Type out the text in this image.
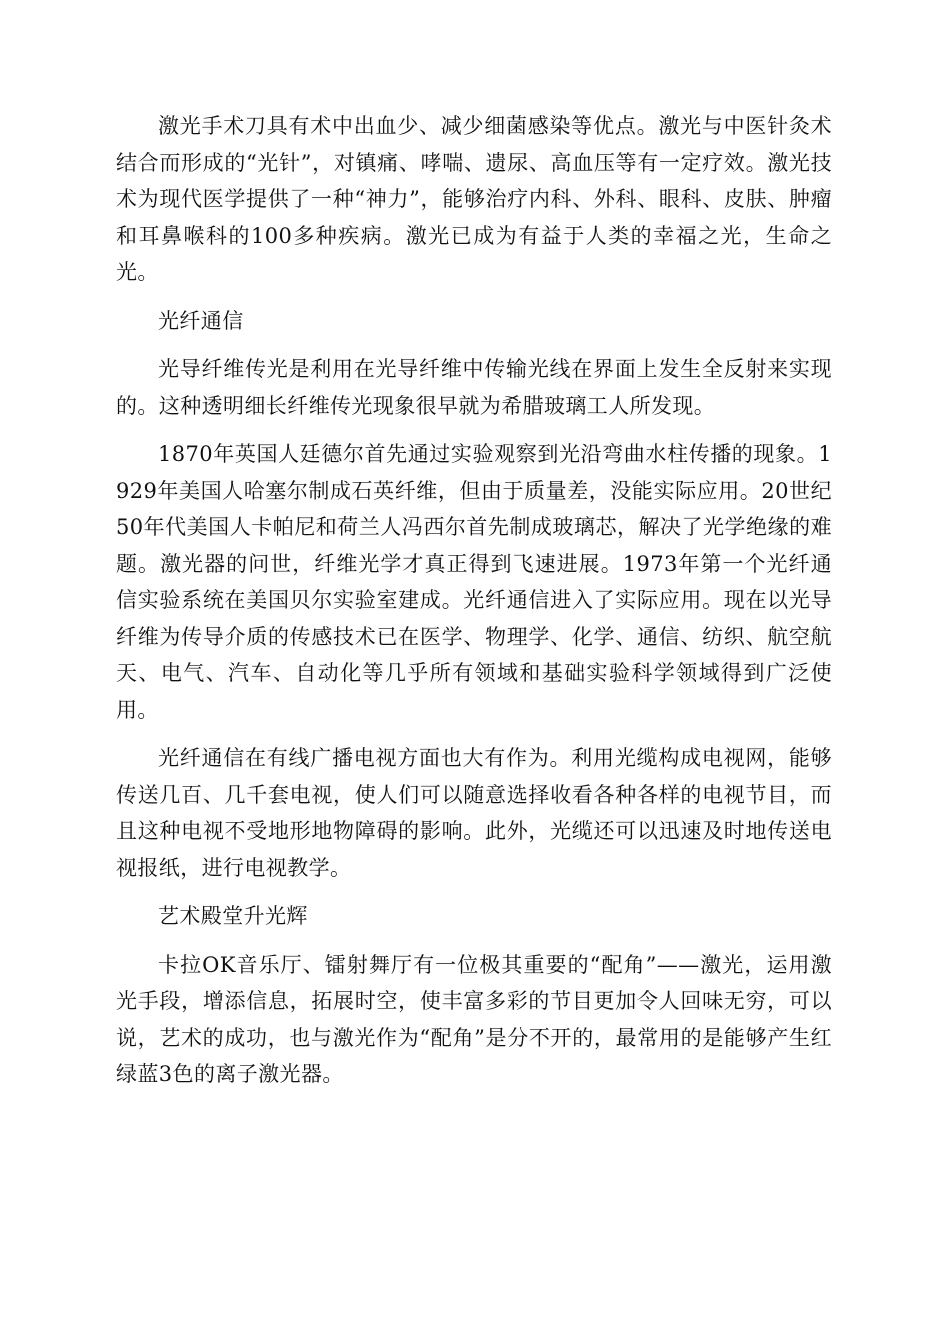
激光手术刀具有术中出血少、减少细菌感染等优点。激光与中医针灸术结合而形成的“光针”，对镇痛、哮喘、遗尿、高血压等有一定疗效。激光技术为现代医学提供了一种“神力”，能够治疗内科、外科、眼科、皮肤、肿瘤和耳鼻喉科的100多种疾病。激光已成为有益于人类的幸福之光，生命之光。

光纤通信

光导纤维传光是利用在光导纤维中传输光线在界面上发生全反射来实现的。这种透明细长纤维传光现象很早就为希腊玻璃工人所发现。

1870年英国人廷德尔首先通过实验观察到光沿弯曲水柱传播的现象。1929年美国人哈塞尔制成石英纤维，但由于质量差，没能实际应用。20世纪50年代美国人卡帕尼和荷兰人冯西尔首先制成玻璃芯，解决了光学绝缘的难题。激光器的问世，纤维光学才真正得到飞速进展。1973年第一个光纤通信实验系统在美国贝尔实验室建成。光纤通信进入了实际应用。现在以光导纤维为传导介质的传感技术已在医学、物理学、化学、通信、纺织、航空航天、电气、汽车、自动化等几乎所有领域和基础实验科学领域得到广泛使用。

光纤通信在有线广播电视方面也大有作为。利用光缆构成电视网，能够传送几百、几千套电视，使人们可以随意选择收看各种各样的电视节目，而且这种电视不受地形地物障碍的影响。此外，光缆还可以迅速及时地传送电视报纸，进行电视教学。

艺术殿堂升光辉

卡拉OK音乐厅、镭射舞厅有一位极其重要的“配角”——激光，运用激光手段，增添信息，拓展时空，使丰富多彩的节目更加令人回味无穷，可以说，艺术的成功，也与激光作为“配角”是分不开的，最常用的是能够产生红绿蓝3色的离子激光器。
